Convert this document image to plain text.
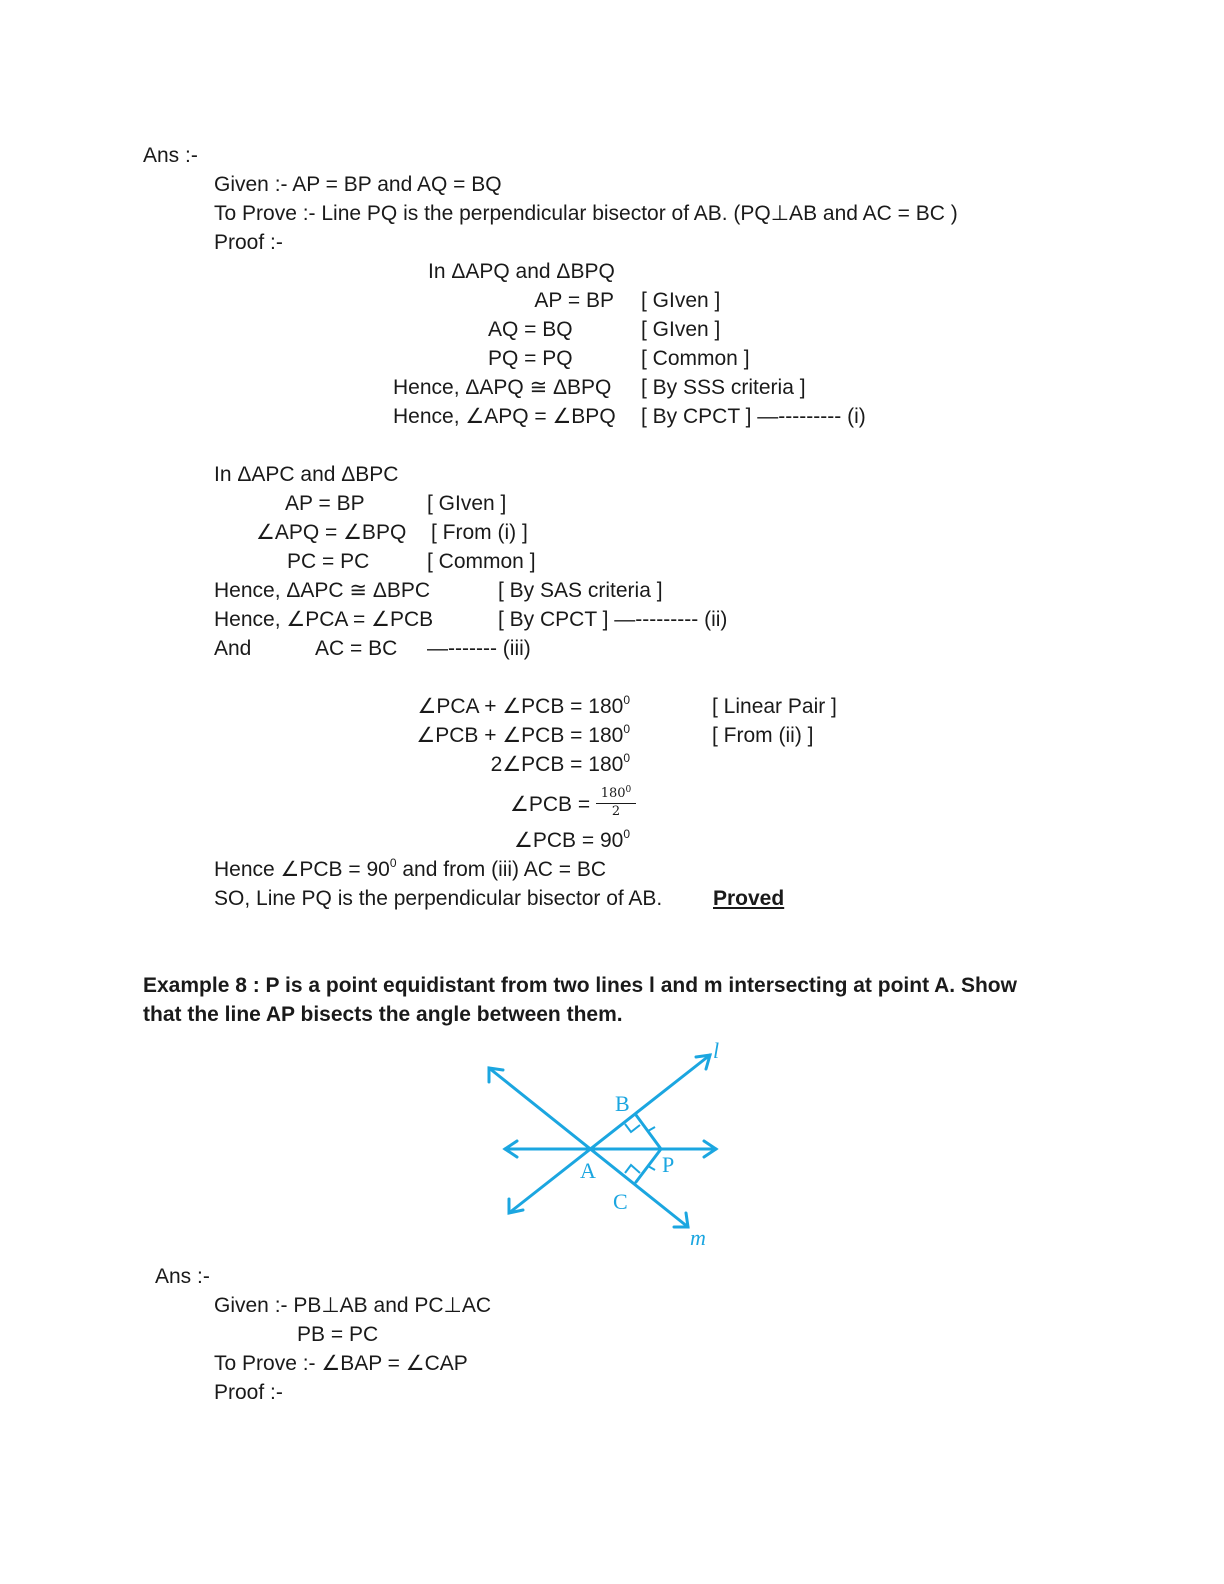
Ans :-
Given :- AP = BP and AQ = BQ
To Prove :- Line PQ is the perpendicular bisector of AB. (PQ⊥AB and AC = BC )
Proof :-
In ΔAPQ and ΔBPQ
AP = BP [ GIven ]
AQ = BQ	[ GIven ]
PQ = PQ	[ Common ]
Hence, ΔAPQ ≅ ΔBPQ [ By SSS criteria ]
Hence, ∠APQ = ∠BPQ [ By CPCT ] —--------- (i)
In ΔAPC and ΔBPC
AP = BP	[ GIven ]
∠APQ = ∠BPQ [ From (i) ]
PC = PC	[ Common ]
Hence, ΔAPC ≅ ΔBPC	[ By SAS criteria ]
Hence, ∠PCA = ∠PCB	[ By CPCT ] —--------- (ii)
And	AC = BC —------- (iii)
∠PCA + ∠PCB = $180^0$	[ Linear Pair ]
∠PCB + ∠PCB = $180^0$	[ From (ii) ]
2∠PCB = $180^0$
∠PCB = $\frac{180^0}{2}$
∠PCB = $90^0$
Hence ∠PCB = $90^0$ and from (iii) AC = BC
SO, Line PQ is the perpendicular bisector of AB. Proved
Example 8 : P is a point equidistant from two lines l and m intersecting at point A. Show
that the line AP bisects the angle between them.
A
B
C
P
l
m
Ans :-
Given :- PB⊥AB and PC⊥AC
PB = PC
To Prove :- ∠BAP = ∠CAP
Proof :-
